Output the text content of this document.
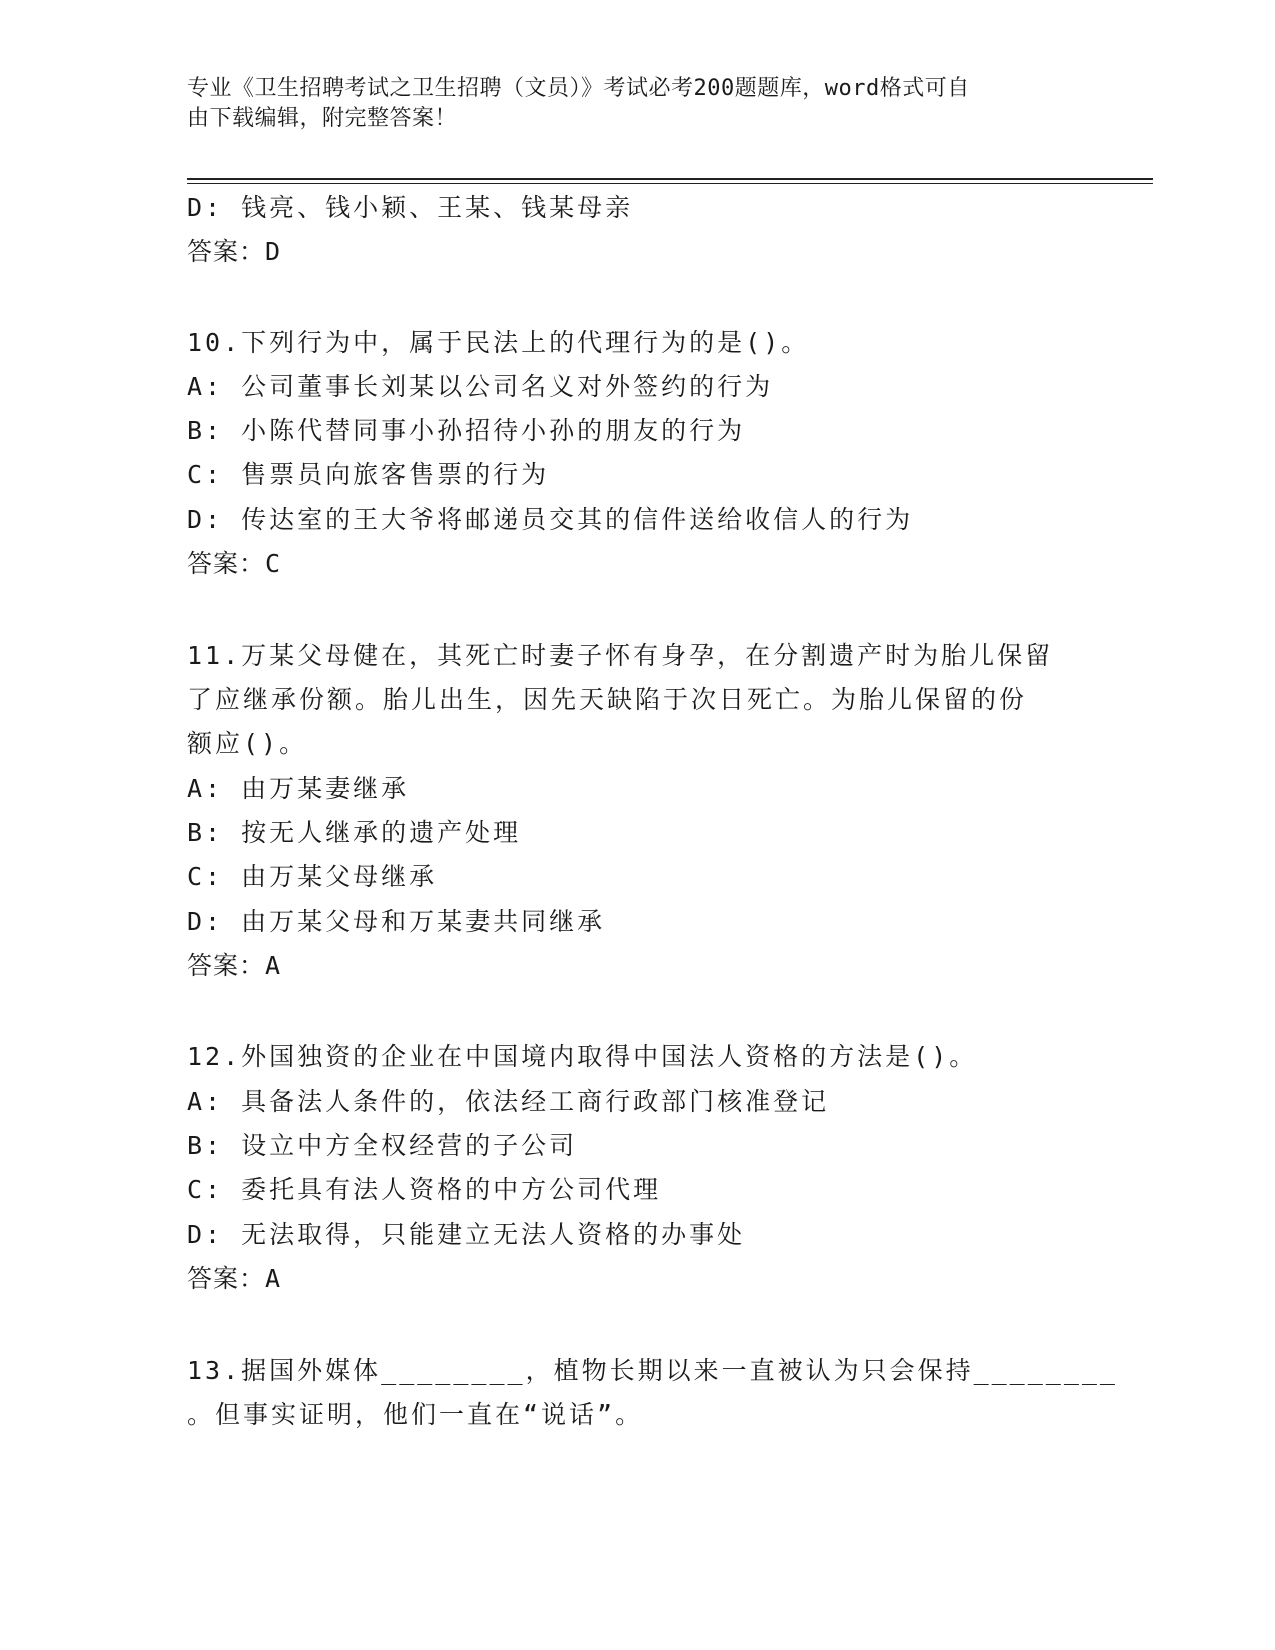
专业《卫生招聘考试之卫生招聘（文员）》考试必考200题题库，word格式可自
由下载编辑，附完整答案！
D: 钱亮、钱小颖、王某、钱某母亲
答案：D
10.下列行为中，属于民法上的代理行为的是()。
A: 公司董事长刘某以公司名义对外签约的行为
B: 小陈代替同事小孙招待小孙的朋友的行为
C: 售票员向旅客售票的行为
D: 传达室的王大爷将邮递员交其的信件送给收信人的行为
答案：C
11.万某父母健在，其死亡时妻子怀有身孕，在分割遗产时为胎儿保留
了应继承份额。胎儿出生，因先天缺陷于次日死亡。为胎儿保留的份
额应()。
A: 由万某妻继承
B: 按无人继承的遗产处理
C: 由万某父母继承
D: 由万某父母和万某妻共同继承
答案：A
12.外国独资的企业在中国境内取得中国法人资格的方法是()。
A: 具备法人条件的，依法经工商行政部门核准登记
B: 设立中方全权经营的子公司
C: 委托具有法人资格的中方公司代理
D: 无法取得，只能建立无法人资格的办事处
答案：A
13.据国外媒体________，植物长期以来一直被认为只会保持________
。但事实证明，他们一直在“说话”。
